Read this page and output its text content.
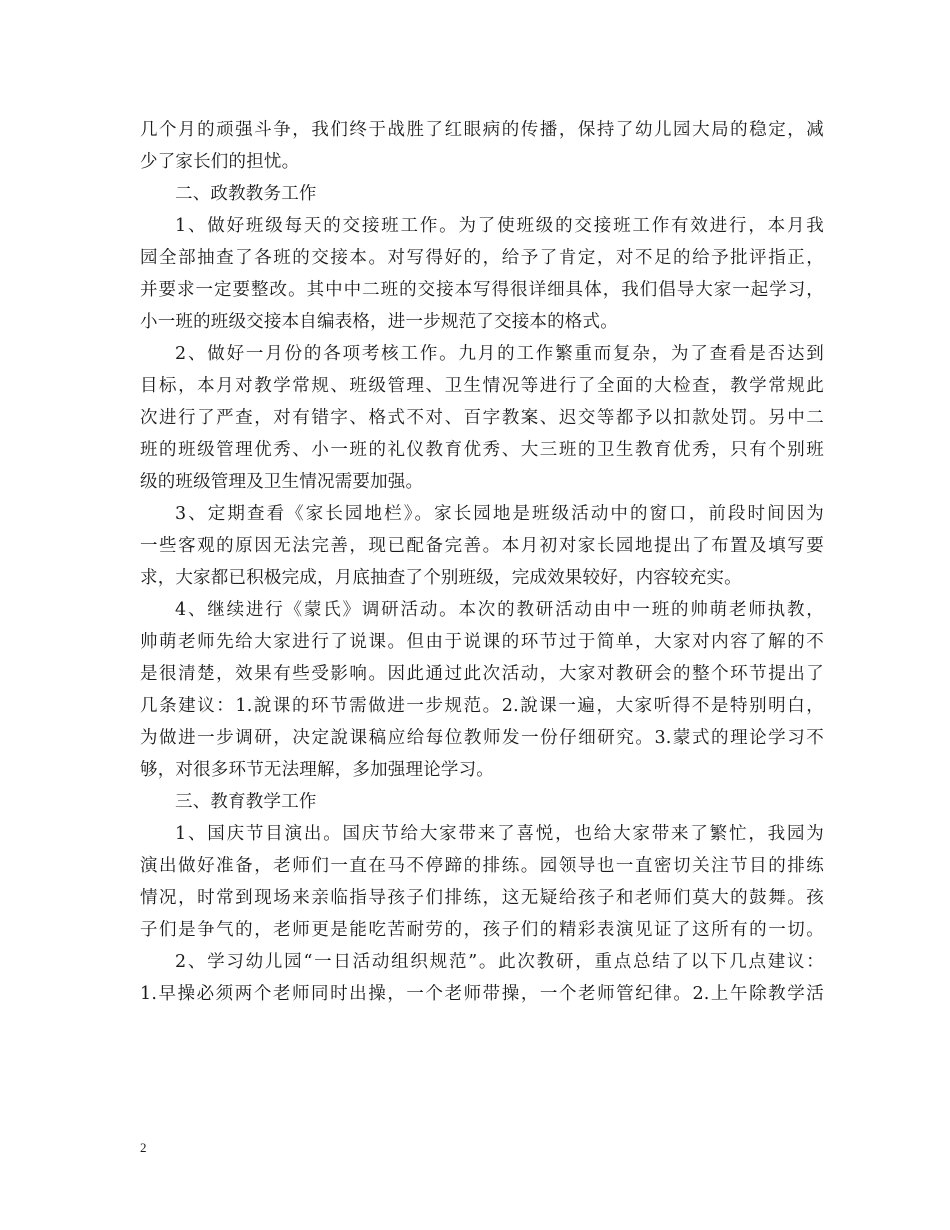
几个月的顽强斗争，我们终于战胜了红眼病的传播，保持了幼儿园大局的稳定，减
少了家长们的担忧。
二、政教教务工作
1、做好班级每天的交接班工作。为了使班级的交接班工作有效进行，本月我
园全部抽查了各班的交接本。对写得好的，给予了肯定，对不足的给予批评指正，
并要求一定要整改。其中中二班的交接本写得很详细具体，我们倡导大家一起学习，
小一班的班级交接本自编表格，进一步规范了交接本的格式。
2、做好一月份的各项考核工作。九月的工作繁重而复杂，为了查看是否达到
目标，本月对教学常规、班级管理、卫生情况等进行了全面的大检查，教学常规此
次进行了严查，对有错字、格式不对、百字教案、迟交等都予以扣款处罚。另中二
班的班级管理优秀、小一班的礼仪教育优秀、大三班的卫生教育优秀，只有个别班
级的班级管理及卫生情况需要加强。
3、定期查看《家长园地栏》。家长园地是班级活动中的窗口，前段时间因为
一些客观的原因无法完善，现已配备完善。本月初对家长园地提出了布置及填写要
求，大家都已积极完成，月底抽查了个别班级，完成效果较好，内容较充实。
4、继续进行《蒙氏》调研活动。本次的教研活动由中一班的帅萌老师执教，
帅萌老师先给大家进行了说课。但由于说课的环节过于简单，大家对内容了解的不
是很清楚，效果有些受影响。因此通过此次活动，大家对教研会的整个环节提出了
几条建议：1.說课的环节需做进一步规范。2.說课一遍，大家听得不是特别明白，
为做进一步调研，决定說课稿应给每位教师发一份仔细研究。3.蒙式的理论学习不
够，对很多环节无法理解，多加强理论学习。
三、教育教学工作
1、国庆节目演出。国庆节给大家带来了喜悦，也给大家带来了繁忙，我园为
演出做好准备，老师们一直在马不停蹄的排练。园领导也一直密切关注节目的排练
情况，时常到现场来亲临指导孩子们排练，这无疑给孩子和老师们莫大的鼓舞。孩
子们是争气的，老师更是能吃苦耐劳的，孩子们的精彩表演见证了这所有的一切。
2、学习幼儿园“一日活动组织规范”。此次教研，重点总结了以下几点建议：
1.早操必须两个老师同时出操，一个老师带操，一个老师管纪律。2.上午除教学活
2
